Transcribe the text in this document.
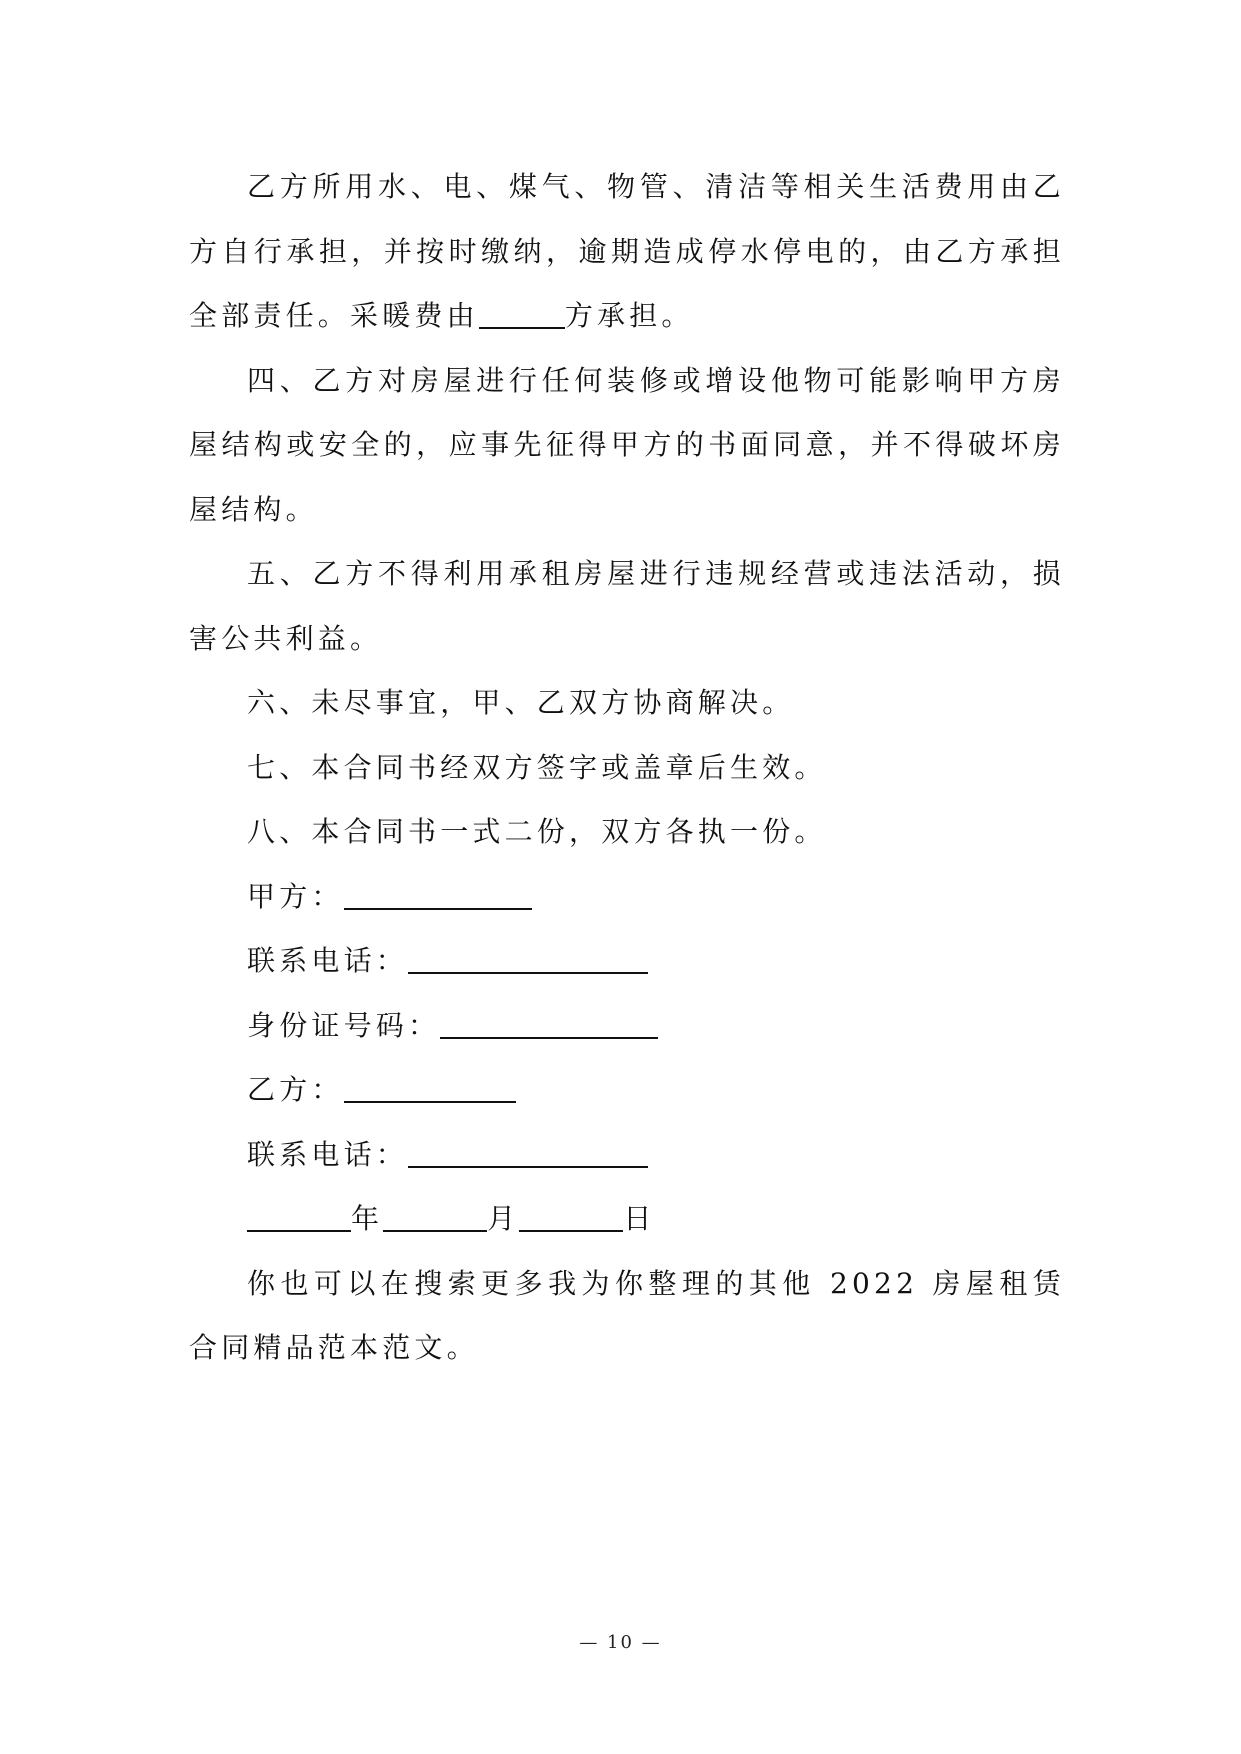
乙方所用水、电、煤气、物管、清洁等相关生活费用由乙方自行承担，并按时缴纳，逾期造成停水停电的，由乙方承担全部责任。采暖费由	方承担。

四、乙方对房屋进行任何装修或增设他物可能影响甲方房屋结构或安全的，应事先征得甲方的书面同意，并不得破坏房屋结构。

五、乙方不得利用承租房屋进行违规经营或违法活动，损害公共利益。

六、未尽事宜，甲、乙双方协商解决。

七、本合同书经双方签字或盖章后生效。

八、本合同书一式二份，双方各执一份。

甲方：

联系电话：

身份证号码：

乙方：

联系电话：

年	月	日

你也可以在搜索更多我为你整理的其他 2022 房屋租赁合同精品范本范文。

— 10 —
